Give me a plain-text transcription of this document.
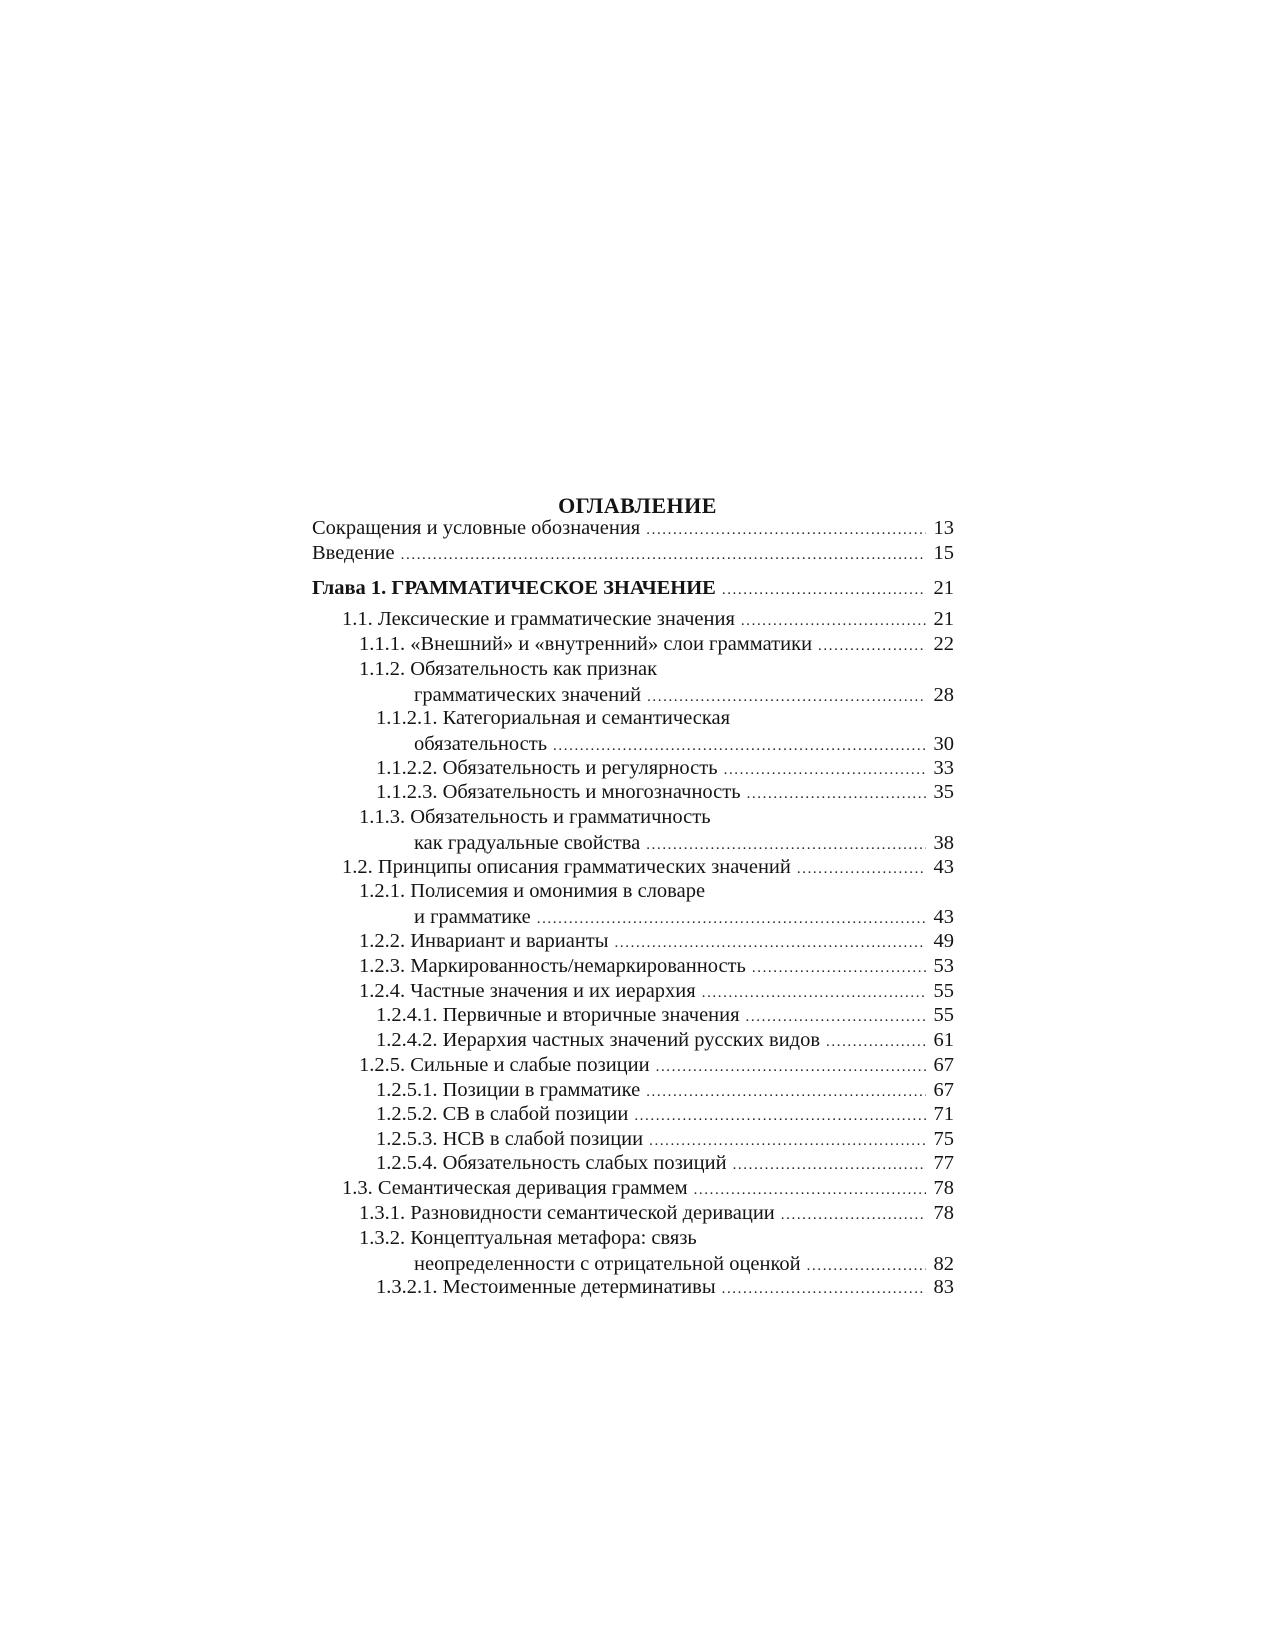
ОГЛАВЛЕНИЕ
Сокращения и условные обозначения .....	13
Введение .....	15
Глава 1. ГРАММАТИЧЕСКОЕ ЗНАЧЕНИЕ .....	21
1.1. Лексические и грамматические значения .....	21
1.1.1. «Внешний» и «внутренний» слои грамматики .....	22
1.1.2. Обязательность как признак
грамматических значений .....	28
1.1.2.1. Категориальная и семантическая
обязательность .....	30
1.1.2.2. Обязательность и регулярность .....	33
1.1.2.3. Обязательность и многозначность .....	35
1.1.3. Обязательность и грамматичность
как градуальные свойства .....	38
1.2. Принципы описания грамматических значений .....	43
1.2.1. Полисемия и омонимия в словаре
и грамматике .....	43
1.2.2. Инвариант и варианты .....	49
1.2.3. Маркированность/немаркированность .....	53
1.2.4. Частные значения и их иерархия .....	55
1.2.4.1. Первичные и вторичные значения .....	55
1.2.4.2. Иерархия частных значений русских видов .....	61
1.2.5. Сильные и слабые позиции .....	67
1.2.5.1. Позиции в грамматике .....	67
1.2.5.2. СВ в слабой позиции .....	71
1.2.5.3. НСВ в слабой позиции .....	75
1.2.5.4. Обязательность слабых позиций .....	77
1.3. Семантическая деривация граммем .....	78
1.3.1. Разновидности семантической деривации .....	78
1.3.2. Концептуальная метафора: связь
неопределенности с отрицательной оценкой .....	82
1.3.2.1. Местоименные детерминативы .....	83
